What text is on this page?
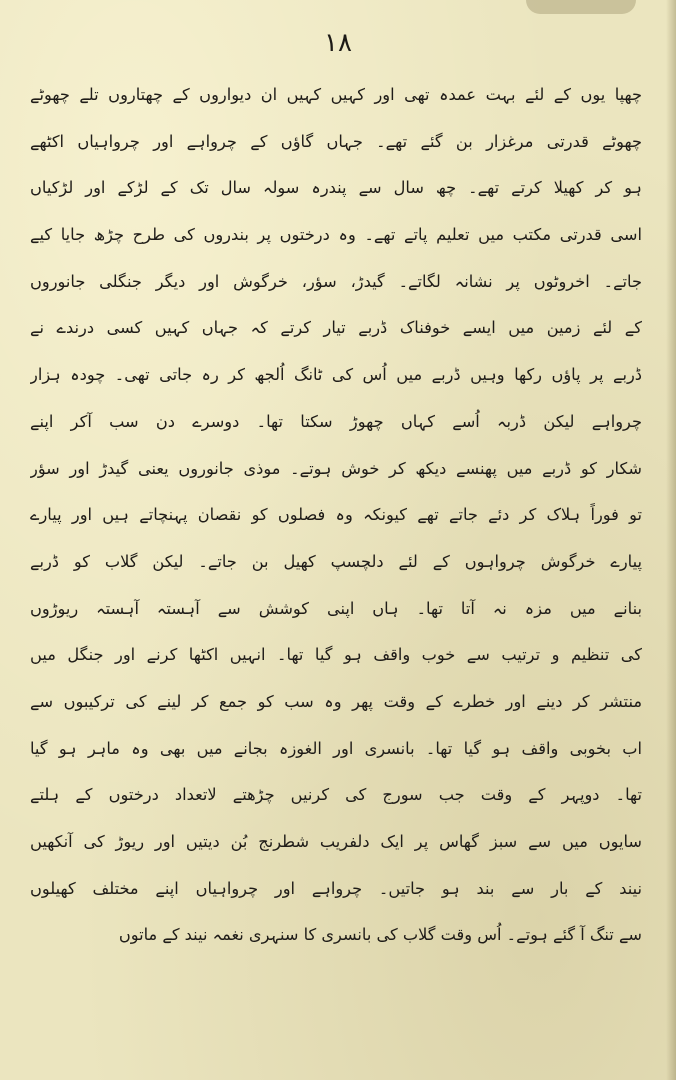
۱۸
چھپا یوں کے لئے بہت عمدہ تھی اور کہیں کہیں ان دیواروں کے چھتاروں تلے چھوٹے
چھوٹے قدرتی مرغزار بن گئے تھے۔ جہاں گاؤں کے چرواہے اور چرواہیاں اکٹھے
ہو کر کھیلا کرتے تھے۔ چھ سال سے پندرہ سولہ سال تک کے لڑکے اور لڑکیاں
اسی قدرتی مکتب میں تعلیم پاتے تھے۔ وہ درختوں پر بندروں کی طرح چڑھ جایا کیے
جاتے۔ اخروٹوں پر نشانہ لگاتے۔ گیدڑ، سؤر، خرگوش اور دیگر جنگلی جانوروں
کے لئے زمین میں ایسے خوفناک ڈربے تیار کرتے کہ جہاں کہیں کسی درندے نے
ڈربے پر پاؤں رکھا وہیں ڈربے میں اُس کی ٹانگ اُلجھ کر رہ جاتی تھی۔ چودہ ہزار
چرواہے لیکن ڈربہ اُسے کہاں چھوڑ سکتا تھا۔ دوسرے دن سب آکر اپنے
شکار کو ڈربے میں پھنسے دیکھ کر خوش ہوتے۔ موذی جانوروں یعنی گیدڑ اور سؤر
تو فوراً ہلاک کر دئے جاتے تھے کیونکہ وہ فصلوں کو نقصان پہنچاتے ہیں اور پیارے
پیارے خرگوش چرواہوں کے لئے دلچسپ کھیل بن جاتے۔ لیکن گلاب کو ڈربے
بنانے میں مزہ نہ آتا تھا۔ ہاں اپنی کوشش سے آہستہ آہستہ ریوڑوں
کی تنظیم و ترتیب سے خوب واقف ہو گیا تھا۔ انہیں اکٹھا کرنے اور جنگل میں
منتشر کر دینے اور خطرے کے وقت پھر وہ سب کو جمع کر لینے کی ترکیبوں سے
اب بخوبی واقف ہو گیا تھا۔ بانسری اور الغوزہ بجانے میں بھی وہ ماہر ہو گیا
تھا۔ دوپہر کے وقت جب سورج کی کرنیں چڑھتے لاتعداد درختوں کے ہلتے
سایوں میں سے سبز گھاس پر ایک دلفریب شطرنج بُن دیتیں اور ریوڑ کی آنکھیں
نیند کے بار سے بند ہو جاتیں۔ چرواہے اور چرواہیاں اپنے مختلف کھیلوں
سے تنگ آ گئے ہوتے۔ اُس وقت گلاب کی بانسری کا سنہری نغمہ نیند کے ماتوں
